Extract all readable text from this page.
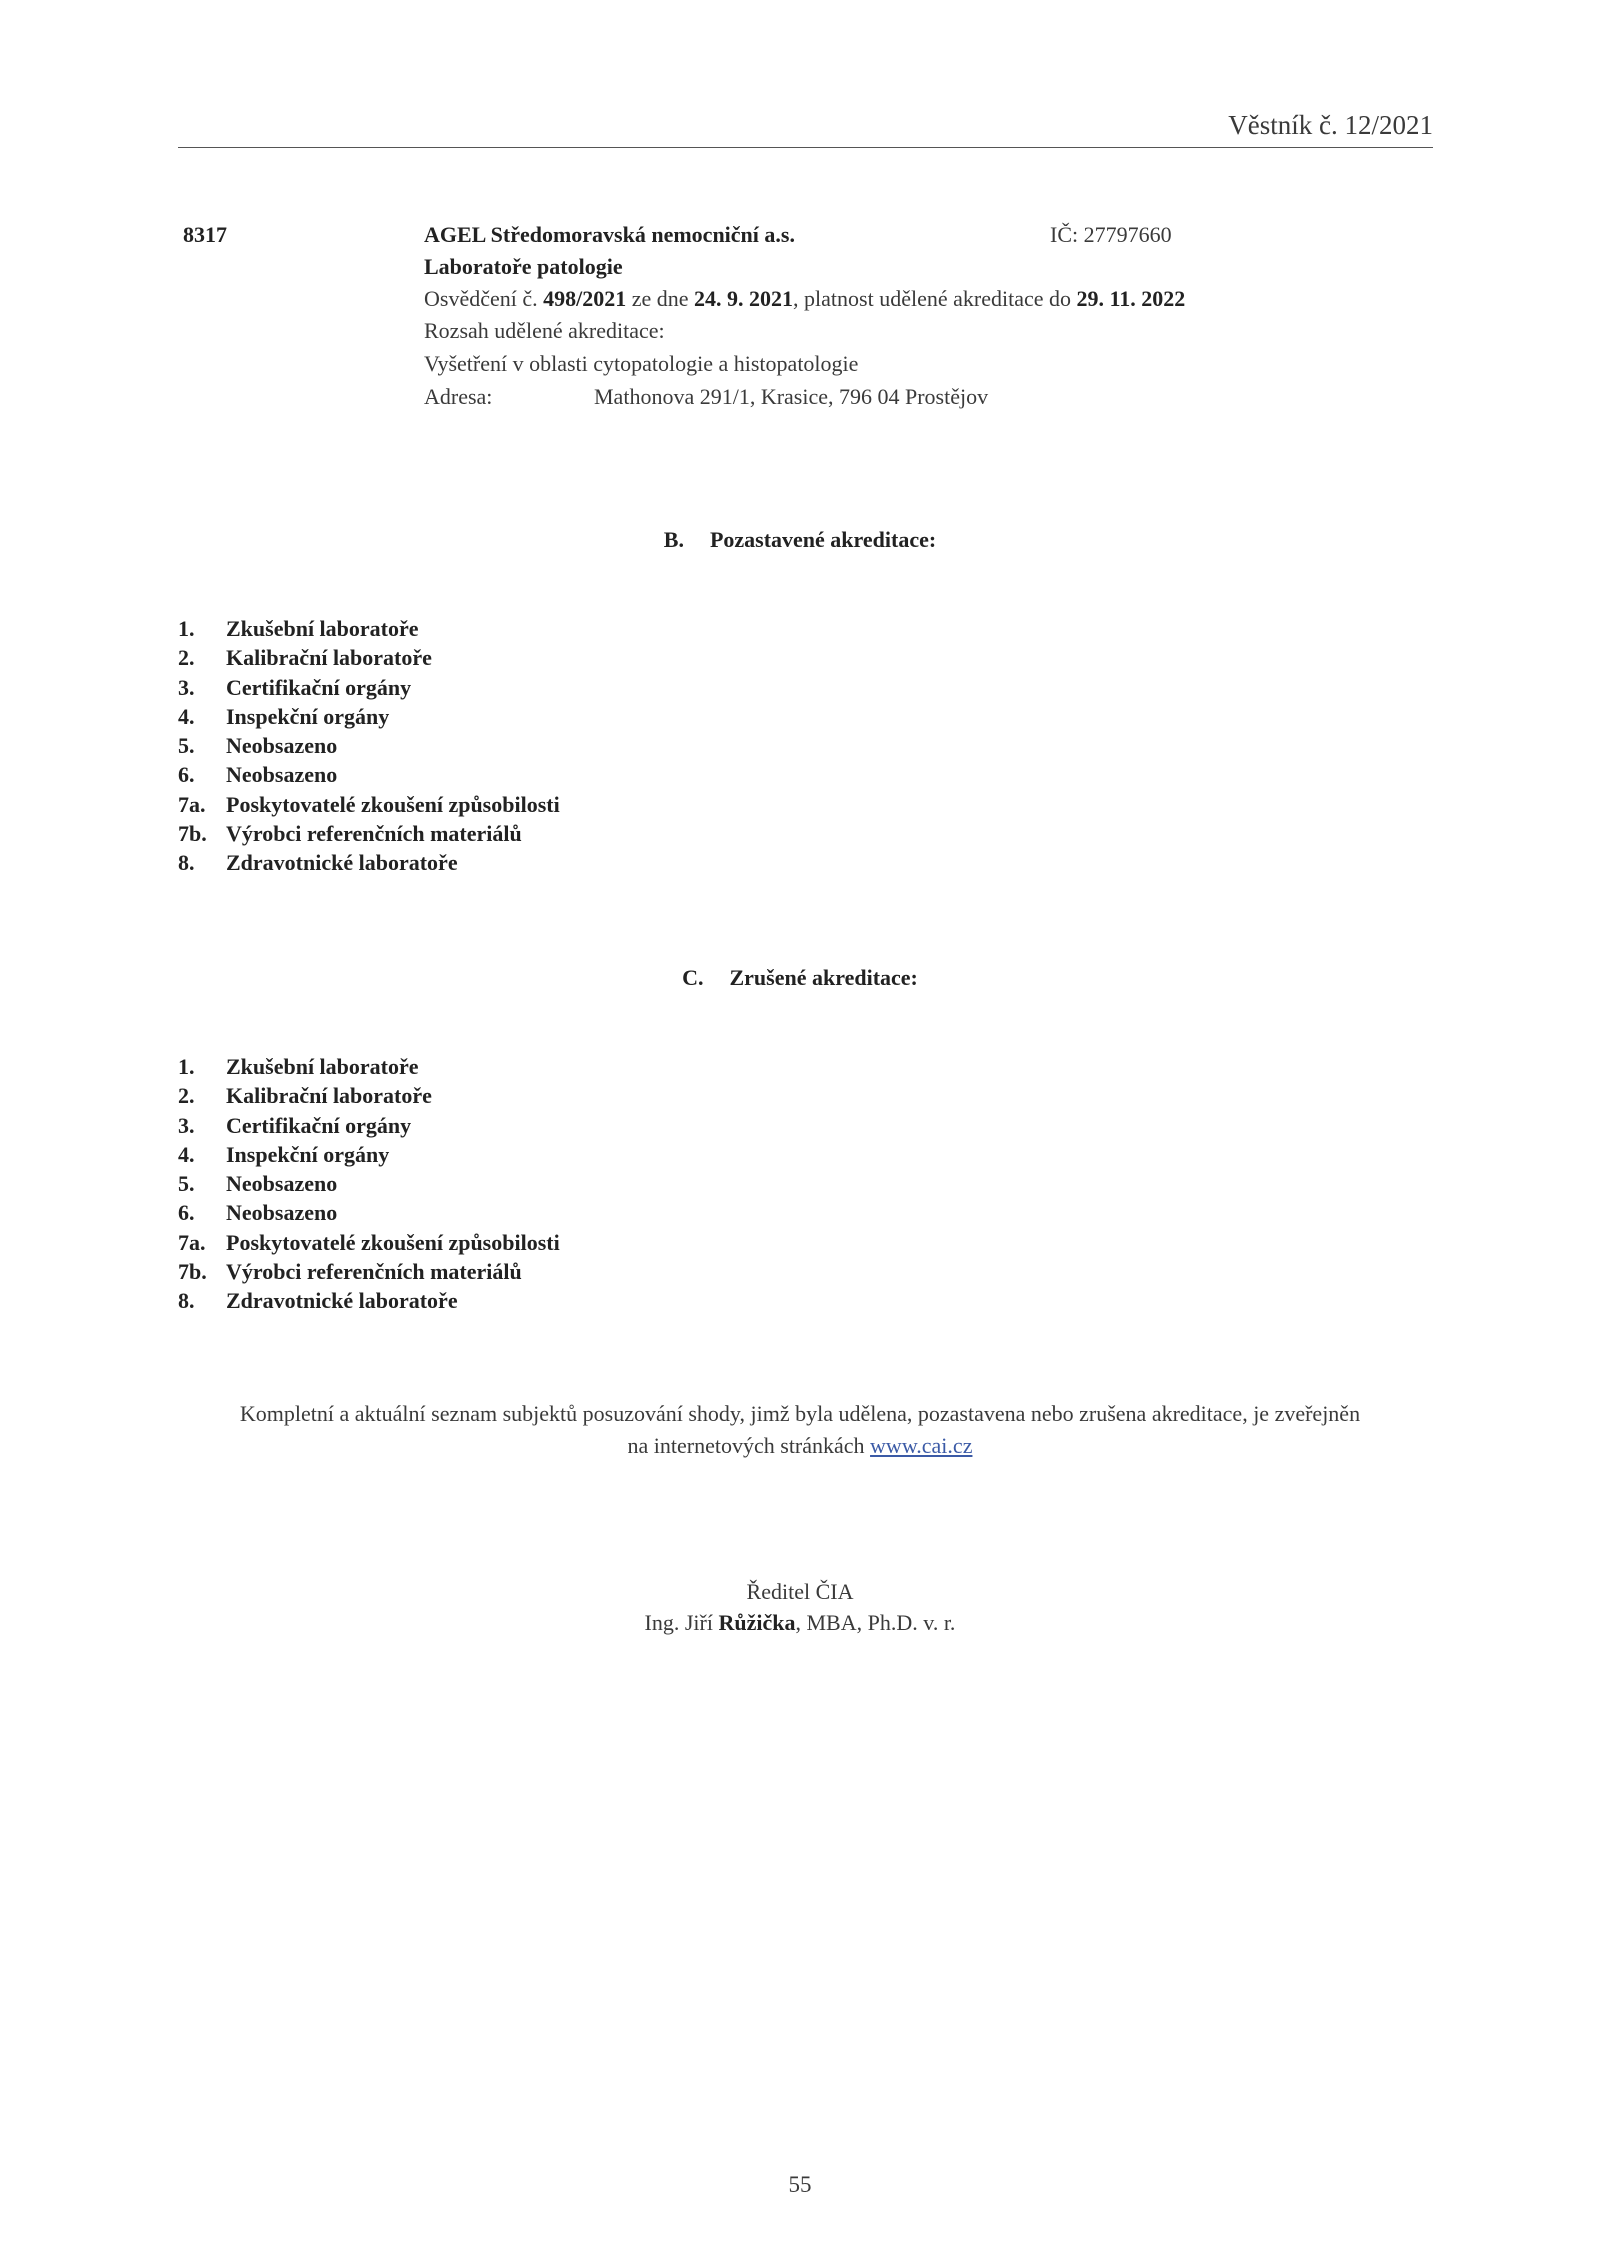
Věstník č. 12/2021
8317	AGEL Středomoravská nemocniční a.s.	IČ: 27797660
Laboratoře patologie
Osvědčení č. 498/2021 ze dne 24. 9. 2021, platnost udělené akreditace do 29. 11. 2022
Rozsah udělené akreditace:
Vyšetření v oblasti cytopatologie a histopatologie
Adresa:	Mathonova 291/1, Krasice, 796 04 Prostějov
B. Pozastavené akreditace:
1. Zkušební laboratoře
2. Kalibrační laboratoře
3. Certifikační orgány
4. Inspekční orgány
5. Neobsazeno
6. Neobsazeno
7a. Poskytovatelé zkoušení způsobilosti
7b. Výrobci referenčních materiálů
8. Zdravotnické laboratoře
C. Zrušené akreditace:
1. Zkušební laboratoře
2. Kalibrační laboratoře
3. Certifikační orgány
4. Inspekční orgány
5. Neobsazeno
6. Neobsazeno
7a. Poskytovatelé zkoušení způsobilosti
7b. Výrobci referenčních materiálů
8. Zdravotnické laboratoře
Kompletní a aktuální seznam subjektů posuzování shody, jimž byla udělena, pozastavena nebo zrušena akreditace, je zveřejněn
na internetových stránkách www.cai.cz
Ředitel ČIA
Ing. Jiří Růžička, MBA, Ph.D. v. r.
55
